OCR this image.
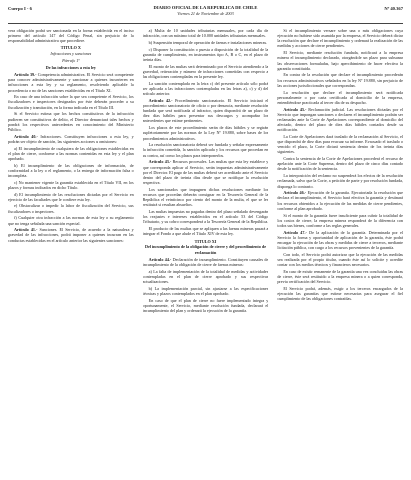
Cuerpo I - 6	DIARIO OFICIAL DE LA REPUBLICA DE CHILE
Viernes 21 de Noviembre de 2003
Nº 40.367

vera obligación podrá ser sancionada en la forma establecida en el inciso primero del artículo 147 del Código Penal, sin perjuicio de la responsabilidad administrativa que procediere.

TITULO X

Infracciones y sanciones

Párrafo 1º

De las infracciones a esta ley

Artículo 39.- Competencia administrativa. El Servicio será competente para conocer administrativamente y sancionar a quienes incurrieren en infracciones a esta ley y su reglamento, resolviendo aplicable la procedencia o no de las sanciones establecidas en el Título XI.

En caso de una infracción sobre la que sea competente el Servicio, los fiscalizadores e inspectores designados por éste deberán proceder a su fiscalización y tramitación, en la forma indicada en el Título III.

Si el Servicio estima que los hechos constitutivos de la infracción pudieren ser constitutivos de delito, el Director denunciará tales hechos y pondrá los respectivos antecedentes en conocimiento del Ministerio Público.

Artículo 40.- Infracciones. Constituyen infracciones a esta ley, y podrán ser objeto de sanción, las siguientes acciones u omisiones:

a) El incumplimiento de cualquiera de las obligaciones establecidas en el plan de cierre, conforme a las normas contenidas en esta ley y el plan aprobado.

b) El incumplimiento de las obligaciones de información, de conformidad a la ley o el reglamento, o la entrega de información falsa o incompleta.

c) No mantener vigente la garantía establecida en el Título VII, en los plazos y formas indicados en dicho Título.

d) El incumplimiento de las resoluciones dictadas por el Servicio en ejercicio de las facultades que le confiere esta ley.

e) Obstaculizar o impedir la labor de fiscalización del Servicio, sus fiscalizadores o inspectores.

f) Cualquier otra infracción a las normas de esta ley o su reglamento que no tenga señalada una sanción especial.

Artículo 41.- Sanciones. El Servicio, de acuerdo a la naturaleza y gravedad de las infracciones, podrá imponer a quienes incurran en las conductas establecidas en el artículo anterior las siguientes sanciones:

a) Multa de 10 unidades tributarias mensuales, por cada día de infracción, con un máximo total de 10.000 unidades tributarias mensuales.

b) Suspensión temporal de operación de faenas e instalaciones mineras.

c) Disponer la constitución o puesta a disposición de la totalidad de la garantía de cumplimiento, en instrumentos tipo A, B o C, en el plazo de treinta días.

El monto de las multas será determinado por el Servicio atendiendo a la gravedad, reiteración y número de infracciones cometidas con respecto a las obligaciones contempladas en la presente ley.

La sanción contemplada en la letra c) del presente artículo sólo podrá ser aplicada a las infracciones contempladas en las letras a), c) y d) del artículo anterior.

Artículo 42.- Procedimiento sancionatorio. El Servicio iniciará el procedimiento sancionatorio de oficio o por denuncia, mediante resolución fundada que será notificada al infractor, quien dispondrá de un plazo de diez días hábiles para presentar sus descargos y acompañar los antecedentes que estime pertinentes.

Los plazos de este procedimiento serán de días hábiles y se regirán supletoriamente por las normas de la Ley Nº 19.880, sobre bases de los procedimientos administrativos.

La resolución sancionatoria deberá ser fundada y señalar expresamente la infracción cometida, la sanción aplicada y los recursos que procedan en su contra, así como los plazos para interponerlos.

Artículo 43.- Recursos procesales. Las multas que esta ley establece y que corresponda aplicar al Servicio, serán impuestas administrativamente por el Director. El pago de las multas deberá ser acreditado ante el Servicio dentro del plazo de treinta días desde que se notifique la resolución respectiva.

Los sancionados que impugnen dichas resoluciones mediante los recursos que procedan deberán consignar en la Tesorería General de la República el veinticinco por ciento del monto de la multa, el que se les restituirá si resultan absueltos.

Las multas impuestas no pagadas dentro del plazo señalado devengarán los reajustes e intereses establecidos en el artículo 53 del Código Tributario, y su cobro corresponderá a la Tesorería General de la República.

El producto de las multas que se apliquen a las faenas mineras pasará a integrar el Fondo a que alude el Título XIV de esta ley.

TITULO XI

Del incumplimiento de la obligación de cierre y del procedimiento de reclamación

Artículo 44.- Declaración de incumplimiento. Constituyen causales de incumplimiento de la obligación de cierre de faenas mineras:

a) La falta de implementación de la totalidad de medidas y actividades contempladas en el plan de cierre aprobado y sus respectivas actualizaciones.

b) La implementación parcial, sin ajustarse a las especificaciones técnicas y plazos contemplados en el plan aprobado.

En caso de que el plan de cierre no fuere implementado íntegra y oportunamente, el Servicio, mediante resolución fundada, declarará el incumplimiento del plan y ordenará la ejecución de la garantía.

Si el incumplimiento versare sobre una o más obligaciones cuya ejecución no hubiese sido asumida por la empresa, el Servicio deberá dictar la resolución que declare el incumplimiento y ordenará la realización de las medidas y acciones de cierre pendientes.

El Servicio, mediante resolución fundada, notificará a la empresa minera el incumplimiento declarado, otorgándole un plazo para subsanar las observaciones formuladas, bajo apercibimiento de hacer efectiva la garantía constituida.

En contra de la resolución que declare el incumplimiento procederán los recursos administrativos señalados en la ley Nº 19.880, sin perjuicio de las acciones jurisdiccionales que correspondan.

La resolución que declare el incumplimiento será notificada personalmente o por carta certificada al domicilio de la empresa, entendiéndose practicada al tercer día de su despacho.

Artículo 45.- Reclamación judicial. Las resoluciones dictadas por el Servicio que impongan sanciones o declaren el incumplimiento podrán ser reclamadas ante la Corte de Apelaciones correspondiente al domicilio del afectado, dentro del plazo de diez días hábiles contados desde su notificación.

La Corte de Apelaciones dará traslado de la reclamación al Servicio, el que dispondrá de diez días para evacuar su informe. Evacuado el traslado o vencido el plazo, la Corte dictará sentencia dentro de los treinta días siguientes.

Contra la sentencia de la Corte de Apelaciones procederá el recurso de apelación ante la Corte Suprema, dentro del plazo de cinco días contado desde la notificación de la sentencia.

La interposición del reclamo no suspenderá los efectos de la resolución reclamada, salvo que la Corte, a petición de parte y por resolución fundada, disponga lo contrario.

Artículo 46.- Ejecución de la garantía. Ejecutoriada la resolución que declara el incumplimiento, el Servicio hará efectiva la garantía y destinará los recursos obtenidos a la ejecución de las medidas de cierre pendientes, conforme al plan aprobado.

Si el monto de la garantía fuere insuficiente para cubrir la totalidad de los costos de cierre, la empresa minera responderá de la diferencia con todos sus bienes, conforme a las reglas generales.

Artículo 47.- De la aplicación de la garantía. Determinada por el Servicio la forma y oportunidad de aplicación de la garantía, éste podrá encargar la ejecución de las obras y medidas de cierre a terceros, mediante licitación pública, con cargo a los recursos provenientes de la garantía.

Con todo, el Servicio podrá autorizar que la ejecución de las medidas sea realizada por el propio titular, cuando éste así lo solicite y acredite contar con los medios técnicos y financieros necesarios.

En caso de existir remanente de la garantía una vez concluidas las obras de cierre, éste será restituido a la empresa minera o a quien corresponda, previa certificación del Servicio.

El Servicio podrá, además, exigir a los terceros encargados de la ejecución las garantías que estime necesarias para asegurar el fiel cumplimiento de las obligaciones contraídas.
